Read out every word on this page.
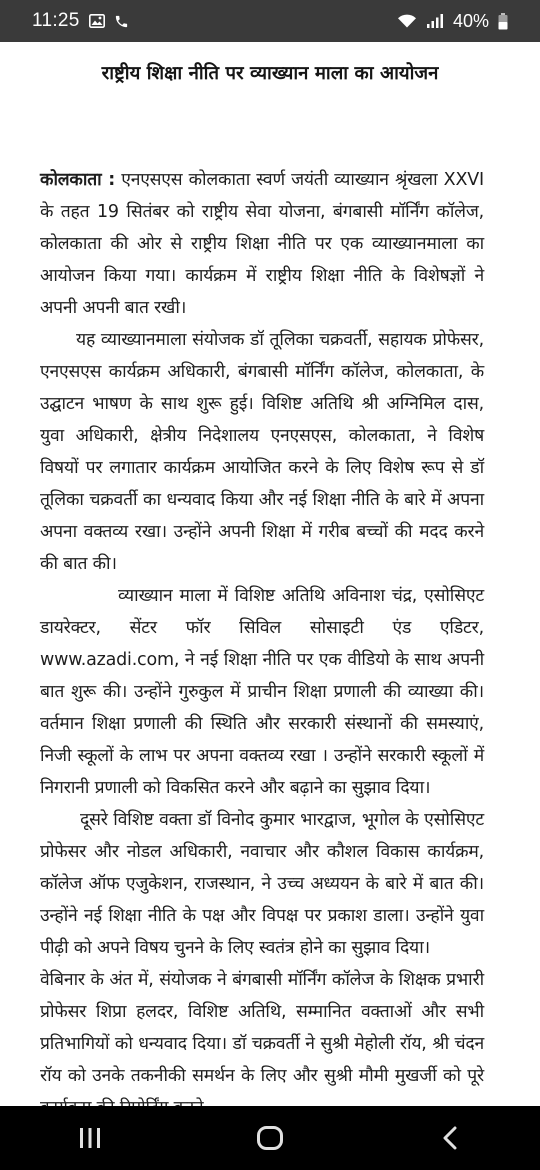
11:25	40%
राष्ट्रीय शिक्षा नीति पर व्याख्यान माला का आयोजन
कोलकाता : एनएसएस कोलकाता स्वर्ण जयंती व्याख्यान श्रृंखला XXVI के तहत 19 सितंबर को राष्ट्रीय सेवा योजना, बंगबासी मॉर्निंग कॉलेज, कोलकाता की ओर से राष्ट्रीय शिक्षा नीति पर एक व्याख्यानमाला का आयोजन किया गया। कार्यक्रम में राष्ट्रीय शिक्षा नीति के विशेषज्ञों ने अपनी अपनी बात रखी।
यह व्याख्यानमाला संयोजक डॉ तूलिका चक्रवर्ती, सहायक प्रोफेसर, एनएसएस कार्यक्रम अधिकारी, बंगबासी मॉर्निंग कॉलेज, कोलकाता, के उद्घाटन भाषण के साथ शुरू हुई। विशिष्ट अतिथि श्री अग्निमिल दास, युवा अधिकारी, क्षेत्रीय निदेशालय एनएसएस, कोलकाता, ने विशेष विषयों पर लगातार कार्यक्रम आयोजित करने के लिए विशेष रूप से डॉ तूलिका चक्रवर्ती का धन्यवाद किया और नई शिक्षा नीति के बारे में अपना अपना वक्तव्य रखा। उन्होंने अपनी शिक्षा में गरीब बच्चों की मदद करने की बात की।
व्याख्यान माला में विशिष्ट अतिथि अविनाश चंद्र, एसोसिएट डायरेक्टर, सेंटर फॉर सिविल सोसाइटी एंड एडिटर, www.azadi.com, ने नई शिक्षा नीति पर एक वीडियो के साथ अपनी बात शुरू की। उन्होंने गुरुकुल में प्राचीन शिक्षा प्रणाली की व्याख्या की। वर्तमान शिक्षा प्रणाली की स्थिति और सरकारी संस्थानों की समस्याएं, निजी स्कूलों के लाभ पर अपना वक्तव्य रखा । उन्होंने सरकारी स्कूलों में निगरानी प्रणाली को विकसित करने और बढ़ाने का सुझाव दिया।
दूसरे विशिष्ट वक्ता डॉ विनोद कुमार भारद्वाज, भूगोल के एसोसिएट प्रोफेसर और नोडल अधिकारी, नवाचार और कौशल विकास कार्यक्रम, कॉलेज ऑफ एजुकेशन, राजस्थान, ने उच्च अध्ययन के बारे में बात की। उन्होंने नई शिक्षा नीति के पक्ष और विपक्ष पर प्रकाश डाला। उन्होंने युवा पीढ़ी को अपने विषय चुनने के लिए स्वतंत्र होने का सुझाव दिया।
वेबिनार के अंत में, संयोजक ने बंगबासी मॉर्निंग कॉलेज के शिक्षक प्रभारी प्रोफेसर शिप्रा हलदर, विशिष्ट अतिथि, सम्मानित वक्ताओं और सभी प्रतिभागियों को धन्यवाद दिया। डॉ चक्रवर्ती ने सुश्री मेहोली रॉय, श्री चंदन रॉय को उनके तकनीकी समर्थन के लिए और सुश्री मौमी मुखर्जी को पूरे
